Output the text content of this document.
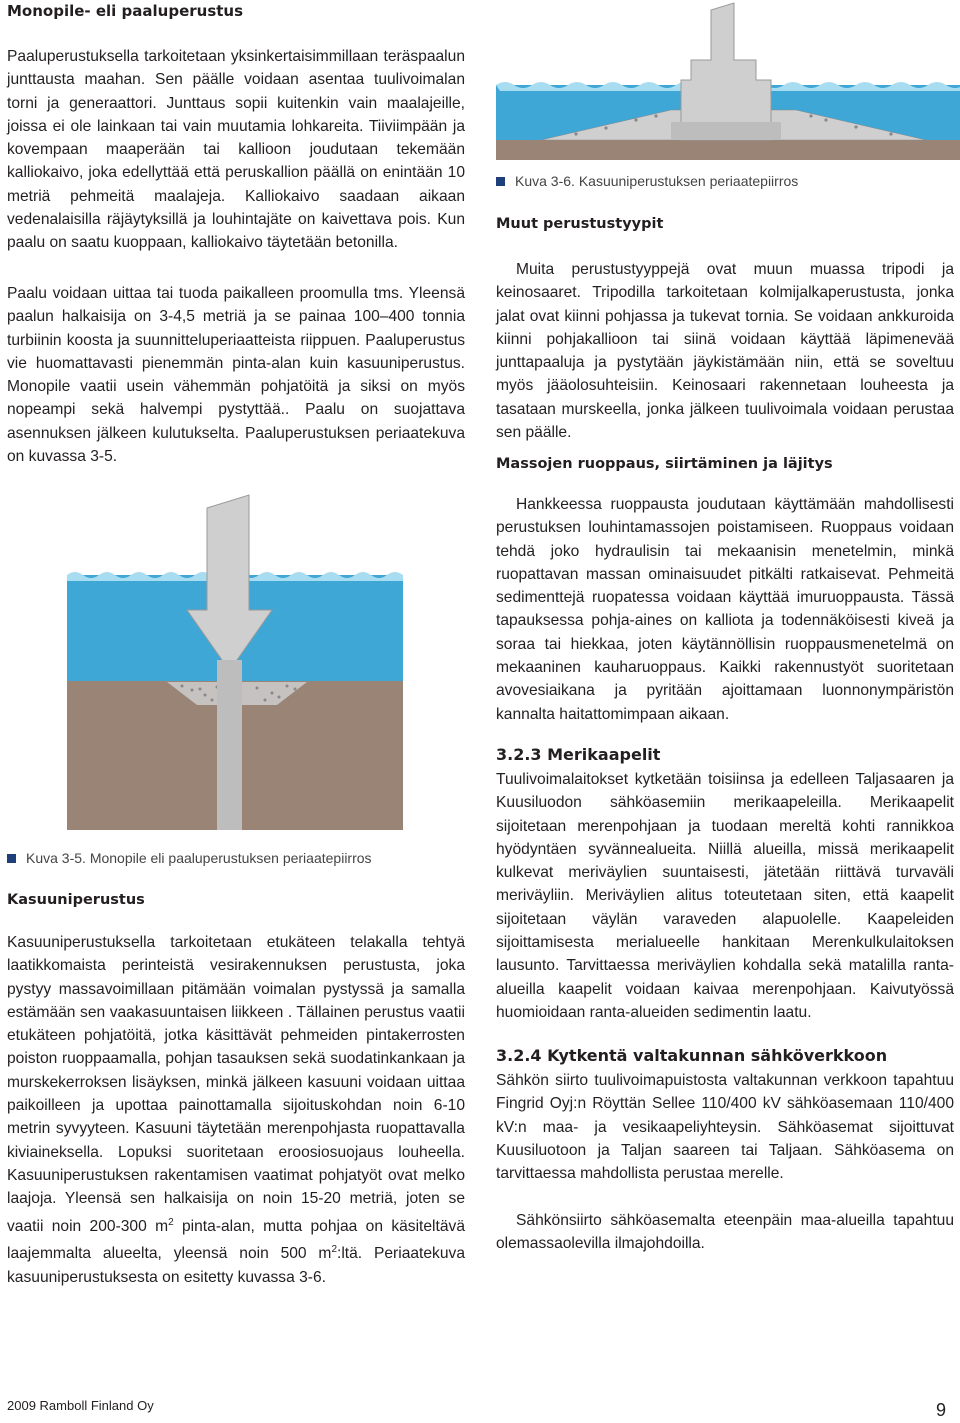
Monopile- eli paaluperustus

Paaluperustuksella tarkoitetaan yksinkertaisimmillaan teräspaalun junttausta maahan. Sen päälle voidaan asentaa tuulivoimalan torni ja generaattori. Junttaus sopii kuitenkin vain maalajeille, joissa ei ole lainkaan tai vain muutamia lohkareita. Tiiviimpään ja kovempaan maaperään tai kallioon joudutaan tekemään kalliokaivo, joka edellyttää että peruskallion päällä on enintään 10 metriä pehmeitä maalajeja. Kalliokaivo saadaan aikaan vedenalaisilla räjäytyksillä ja louhintajäte on kaivettava pois. Kun paalu on saatu kuoppaan, kalliokaivo täytetään betonilla.

Paalu voidaan uittaa tai tuoda paikalleen proomulla tms. Yleensä paalun halkaisija on 3-4,5 metriä ja se painaa 100–400 tonnia turbiinin koosta ja suunnitteluperiaatteista riippuen. Paaluperustus vie huomattavasti pienemmän pinta-alan kuin kasuuniperustus. Monopile vaatii usein vähemmän pohjatöitä ja siksi on myös nopeampi sekä halvempi pystyttää.. Paalu on suojattava asennuksen jälkeen kulutukselta. Paaluperustuksen periaatekuva on kuvassa 3-5.

Kuva 3-5. Monopile eli paaluperustuksen periaatepiirros

Kasuuniperustus

Kasuuniperustuksella tarkoitetaan etukäteen telakalla tehtyä laatikkomaista perinteistä vesirakennuksen perustusta, joka pystyy massavoimillaan pitämään voimalan pystyssä ja samalla estämään sen vaakasuuntaisen liikkeen . Tällainen perustus vaatii etukäteen pohjatöitä, jotka käsittävät pehmeiden pintakerrosten poiston ruoppaamalla, pohjan tasauksen sekä suodatinkankaan ja murskekerroksen lisäyksen, minkä jälkeen kasuuni voidaan uittaa paikoilleen ja upottaa painottamalla sijoituskohdan noin 6-10 metrin syvyyteen. Kasuuni täytetään merenpohjasta ruopattavalla kiviaineksella. Lopuksi suoritetaan eroosiosuojaus louheella. Kasuuniperustuksen rakentamisen vaatimat pohjatyöt ovat melko laajoja. Yleensä sen halkaisija on noin 15-20 metriä, joten se vaatii noin 200-300 $m^2$ pinta-alan, mutta pohjaa on käsiteltävä laajemmalta alueelta, yleensä noin 500 $m^2:ltä$. Periaatekuva kasuuniperustuksesta on esitetty kuvassa 3-6.

Kuva 3-6. Kasuuniperustuksen periaatepiirros

Muut perustustyypit

Muita perustustyyppejä ovat muun muassa tripodi ja keinosaaret. Tripodilla tarkoitetaan kolmijalkaperustusta, jonka jalat ovat kiinni pohjassa ja tukevat tornia. Se voidaan ankkuroida kiinni pohjakallioon tai siinä voidaan käyttää läpimenevää junttapaaluja ja pystytään jäykistämään niin, että se soveltuu myös jääolosuhteisiin. Keinosaari rakennetaan louheesta ja tasataan murskeella, jonka jälkeen tuulivoimala voidaan perustaa sen päälle.

Massojen ruoppaus, siirtäminen ja läjitys

Hankkeessa ruoppausta joudutaan käyttämään mahdollisesti perustuksen louhintamassojen poistamiseen. Ruoppaus voidaan tehdä joko hydraulisin tai mekaanisin menetelmin, minkä ruopattavan massan ominaisuudet pitkälti ratkaisevat. Pehmeitä sedimenttejä ruopatessa voidaan käyttää imuruoppausta. Tässä tapauksessa pohja-aines on kalliota ja todennäköisesti kiveä ja soraa tai hiekkaa, joten käytännöllisin ruoppausmenetelmä on mekaaninen kauharuoppaus. Kaikki rakennustyöt suoritetaan avovesiaikana ja pyritään ajoittamaan luonnonympäristön kannalta haitattomimpaan aikaan.

3.2.3 Merikaapelit

Tuulivoimalaitokset kytketään toisiinsa ja edelleen Taljasaaren ja Kuusiluodon sähköasemiin merikaapeleilla. Merikaapelit sijoitetaan merenpohjaan ja tuodaan mereltä kohti rannikkoa hyödyntäen syvännealueita. Niillä alueilla, missä merikaapelit kulkevat meriväylien suuntaisesti, jätetään riittävä turvaväli meriväyliin. Meriväylien alitus toteutetaan siten, että kaapelit sijoitetaan väylän varaveden alapuolelle. Kaapeleiden sijoittamisesta merialueelle hankitaan Merenkulkulaitoksen lausunto. Tarvittaessa meriväylien kohdalla sekä matalilla ranta-alueilla kaapelit voidaan kaivaa merenpohjaan. Kaivutyössä huomioidaan ranta-alueiden sedimentin laatu.

3.2.4 Kytkentä valtakunnan sähköverkkoon

Sähkön siirto tuulivoimapuistosta valtakunnan verkkoon tapahtuu Fingrid Oyj:n Röyttän Sellee 110/400 kV sähköasemaan 110/400 kV:n maa- ja vesikaapeliyhteysin. Sähköasemat sijoittuvat Kuusiluotoon ja Taljan saareen tai Taljaan. Sähköasema on tarvittaessa mahdollista perustaa merelle.

Sähkönsiirto sähköasemalta eteenpäin maa-alueilla tapahtuu olemassaolevilla ilmajohdoilla.

2009 Ramboll Finland Oy	9
